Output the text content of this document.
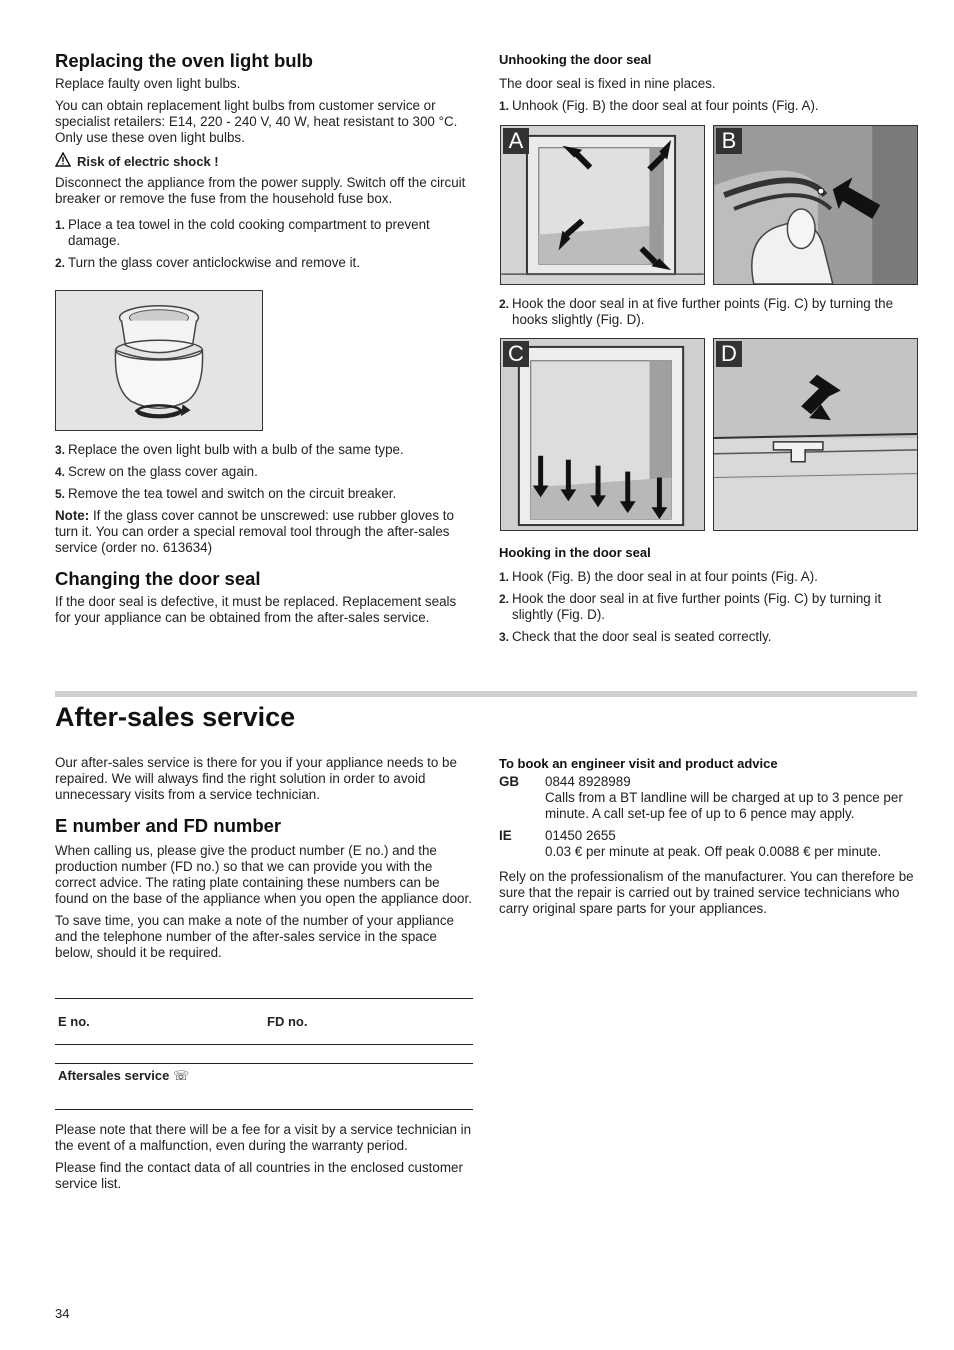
Replacing the oven light bulb

Replace faulty oven light bulbs.

You can obtain replacement light bulbs from customer service or specialist retailers: E14, 220 - 240 V, 40 W, heat resistant to 300 °C. Only use these oven light bulbs.

Risk of electric shock !

Disconnect the appliance from the power supply. Switch off the circuit breaker or remove the fuse from the household fuse box.

1. Place a tea towel in the cold cooking compartment to prevent damage.
2. Turn the glass cover anticlockwise and remove it.
3. Replace the oven light bulb with a bulb of the same type.
4. Screw on the glass cover again.
5. Remove the tea towel and switch on the circuit breaker.

Note: If the glass cover cannot be unscrewed: use rubber gloves to turn it. You can order a special removal tool through the after-sales service (order no. 613634)

Changing the door seal

If the door seal is defective, it must be replaced. Replacement seals for your appliance can be obtained from the after-sales service.

Unhooking the door seal

The door seal is fixed in nine places.

1. Unhook (Fig. B) the door seal at four points (Fig. A).
A	B
2. Hook the door seal in at five further points (Fig. C) by turning the hooks slightly (Fig. D).
C	D
Hooking in the door seal
1. Hook (Fig. B) the door seal in at four points (Fig. A).
2. Hook the door seal in at five further points (Fig. C) by turning it slightly (Fig. D).
3. Check that the door seal is seated correctly.
After-sales service

Our after-sales service is there for you if your appliance needs to be repaired. We will always find the right solution in order to avoid unnecessary visits from a service technician.

E number and FD number

When calling us, please give the product number (E no.) and the production number (FD no.) so that we can provide you with the correct advice. The rating plate containing these numbers can be found on the base of the appliance when you open the appliance door.

To save time, you can make a note of the number of your appliance and the telephone number of the after-sales service in the space below, should it be required.

E no.	FD no.
Aftersales service ☏

Please note that there will be a fee for a visit by a service technician in the event of a malfunction, even during the warranty period.

Please find the contact data of all countries in the enclosed customer service list.

To book an engineer visit and product advice
GB	0844 8928989
Calls from a BT landline will be charged at up to 3 pence per minute. A call set-up fee of up to 6 pence may apply.
IE	01450 2655
0.03 € per minute at peak. Off peak 0.0088 € per minute.

Rely on the professionalism of the manufacturer. You can therefore be sure that the repair is carried out by trained service technicians who carry original spare parts for your appliances.

34
